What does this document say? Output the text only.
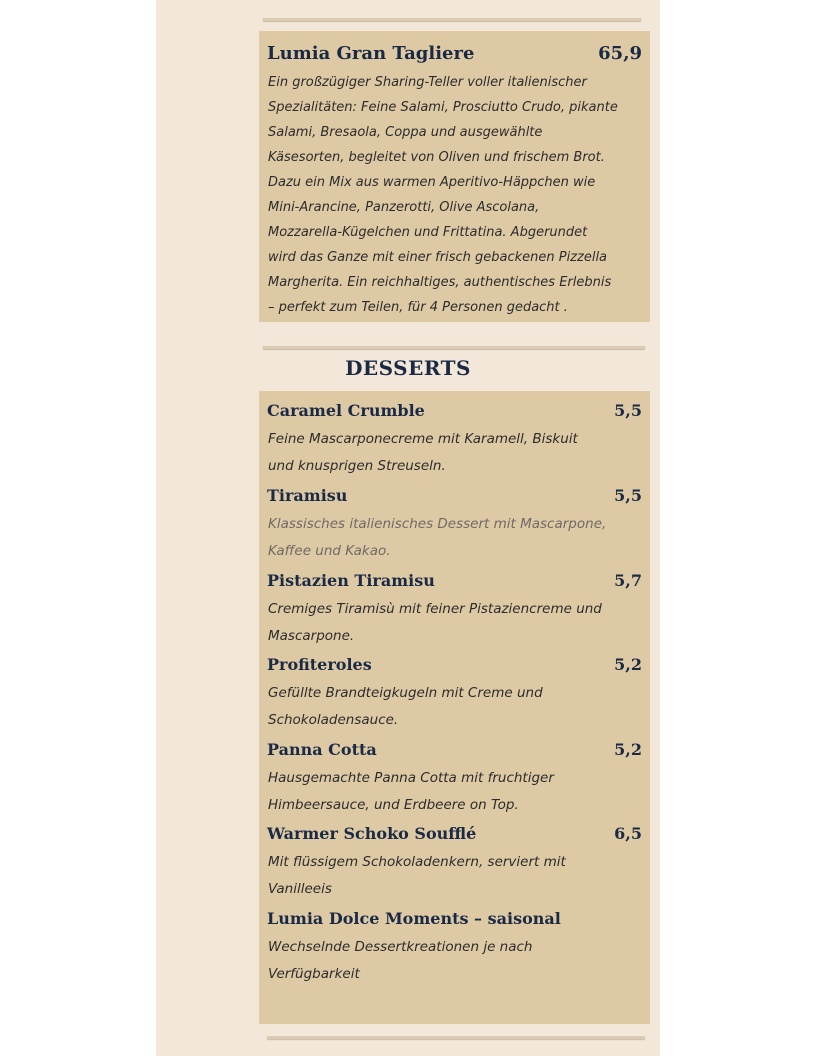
Lumia Gran Tagliere	65,9
Ein großzügiger Sharing-Teller voller italienischer
Spezialitäten: Feine Salami, Prosciutto Crudo, pikante
Salami, Bresaola, Coppa und ausgewählte
Käsesorten, begleitet von Oliven und frischem Brot.
Dazu ein Mix aus warmen Aperitivo-Häppchen wie
Mini-Arancine, Panzerotti, Olive Ascolana,
Mozzarella-Kügelchen und Frittatina. Abgerundet
wird das Ganze mit einer frisch gebackenen Pizzella
Margherita. Ein reichhaltiges, authentisches Erlebnis
– perfekt zum Teilen, für 4 Personen gedacht .
DESSERTS
Caramel Crumble	5,5
Feine Mascarponecreme mit Karamell, Biskuit
und knusprigen Streuseln.
Tiramisu	5,5
Klassisches italienisches Dessert mit Mascarpone,
Kaffee und Kakao.
Pistazien Tiramisu	5,7
Cremiges Tiramisù mit feiner Pistaziencreme und
Mascarpone.
Profiteroles	5,2
Gefüllte Brandteigkugeln mit Creme und
Schokoladensauce.
Panna Cotta	5,2
Hausgemachte Panna Cotta mit fruchtiger
Himbeersauce, und Erdbeere on Top.
Warmer Schoko Soufflé	6,5
Mit flüssigem Schokoladenkern, serviert mit
Vanilleeis
Lumia Dolce Moments – saisonal
Wechselnde Dessertkreationen je nach
Verfügbarkeit
